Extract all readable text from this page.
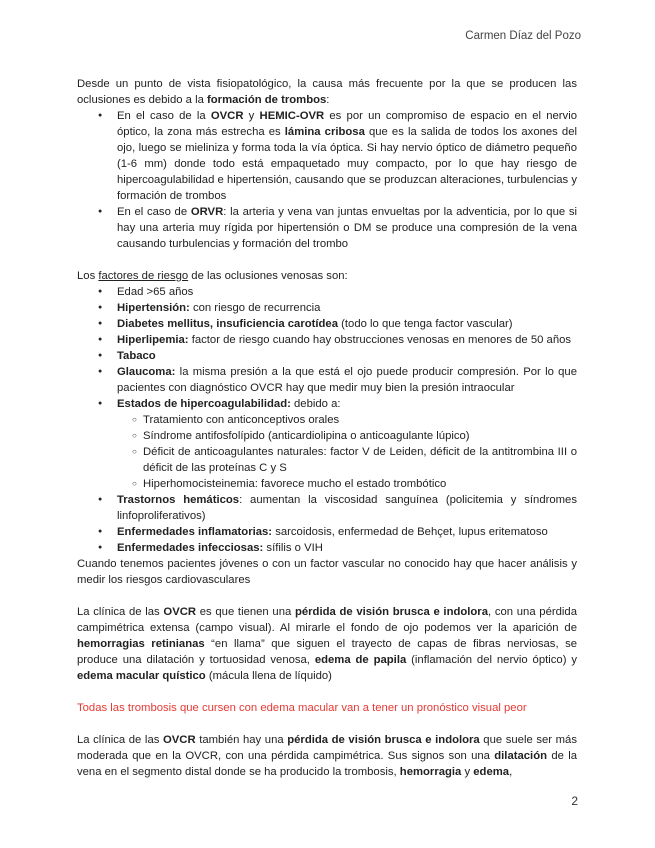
Carmen Díaz del Pozo

Desde un punto de vista fisiopatológico, la causa más frecuente por la que se producen las oclusiones es debido a la formación de trombos:

● En el caso de la OVCR y HEMIC-OVR es por un compromiso de espacio en el nervio óptico, la zona más estrecha es lámina cribosa que es la salida de todos los axones del ojo, luego se mieliniza y forma toda la vía óptica. Si hay nervio óptico de diámetro pequeño (1-6 mm) donde todo está empaquetado muy compacto, por lo que hay riesgo de hipercoagulabilidad e hipertensión, causando que se produzcan alteraciones, turbulencias y formación de trombos
● En el caso de ORVR: la arteria y vena van juntas envueltas por la adventicia, por lo que si hay una arteria muy rígida por hipertensión o DM se produce una compresión de la vena causando turbulencias y formación del trombo

Los factores de riesgo de las oclusiones venosas son:

● Edad >65 años
● Hipertensión: con riesgo de recurrencia
● Diabetes mellitus, insuficiencia carotídea (todo lo que tenga factor vascular)
● Hiperlipemia: factor de riesgo cuando hay obstrucciones venosas en menores de 50 años
● Tabaco
● Glaucoma: la misma presión a la que está el ojo puede producir compresión. Por lo que pacientes con diagnóstico OVCR hay que medir muy bien la presión intraocular
● Estados de hipercoagulabilidad: debido a:
○ Tratamiento con anticonceptivos orales
○ Síndrome antifosfolípido (anticardiolipina o anticoagulante lúpico)
○ Déficit de anticoagulantes naturales: factor V de Leiden, déficit de la antitrombina III o déficit de las proteínas C y S
○ Hiperhomocisteinemia: favorece mucho el estado trombótico
● Trastornos hemáticos: aumentan la viscosidad sanguínea (policitemia y síndromes linfoproliferativos)
● Enfermedades inflamatorias: sarcoidosis, enfermedad de Behçet, lupus eritematoso
● Enfermedades infecciosas: sífilis o VIH

Cuando tenemos pacientes jóvenes o con un factor vascular no conocido hay que hacer análisis y medir los riesgos cardiovasculares

La clínica de las OVCR es que tienen una pérdida de visión brusca e indolora, con una pérdida campimétrica extensa (campo visual). Al mirarle el fondo de ojo podemos ver la aparición de hemorragias retinianas “en llama” que siguen el trayecto de capas de fibras nerviosas, se produce una dilatación y tortuosidad venosa, edema de papila (inflamación del nervio óptico) y edema macular quístico (mácula llena de líquido)

Todas las trombosis que cursen con edema macular van a tener un pronóstico visual peor

La clínica de las OVCR también hay una pérdida de visión brusca e indolora que suele ser más moderada que en la OVCR, con una pérdida campimétrica. Sus signos son una dilatación de la vena en el segmento distal donde se ha producido la trombosis, hemorragia y edema,

2
